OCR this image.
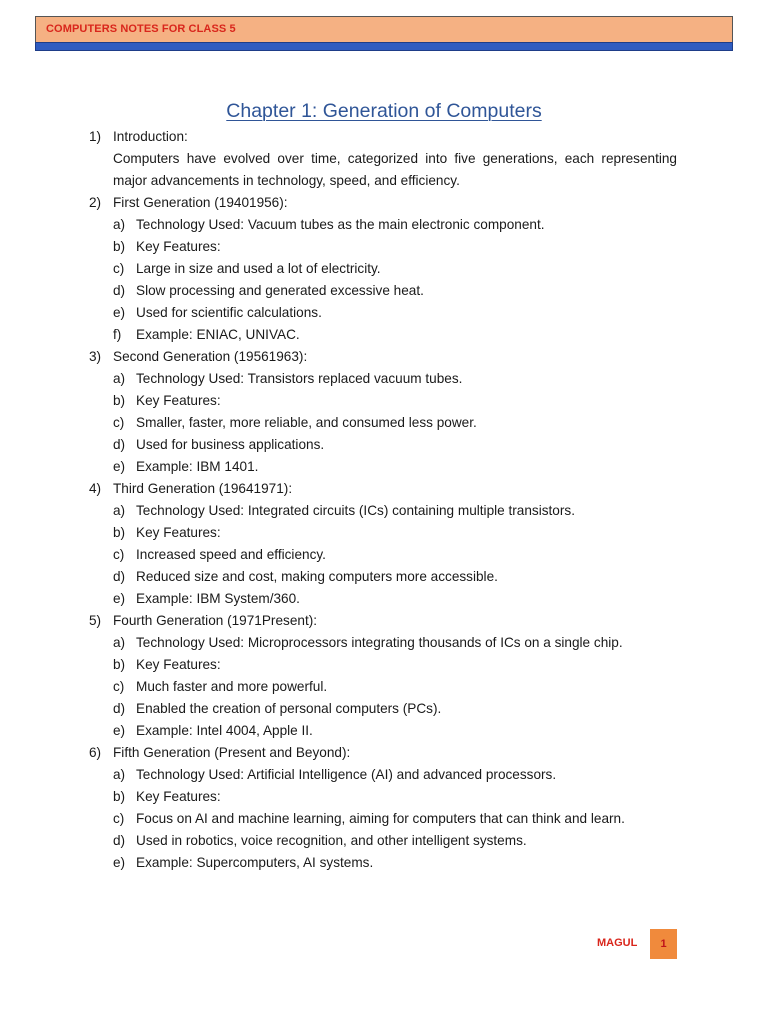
COMPUTERS NOTES FOR CLASS 5
Chapter 1: Generation of Computers
1) Introduction:
Computers have evolved over time, categorized into five generations, each representing major advancements in technology, speed, and efficiency.
2) First Generation (19401956):
a) Technology Used: Vacuum tubes as the main electronic component.
b) Key Features:
c) Large in size and used a lot of electricity.
d) Slow processing and generated excessive heat.
e) Used for scientific calculations.
f) Example: ENIAC, UNIVAC.
3) Second Generation (19561963):
a) Technology Used: Transistors replaced vacuum tubes.
b) Key Features:
c) Smaller, faster, more reliable, and consumed less power.
d) Used for business applications.
e) Example: IBM 1401.
4) Third Generation (19641971):
a) Technology Used: Integrated circuits (ICs) containing multiple transistors.
b) Key Features:
c) Increased speed and efficiency.
d) Reduced size and cost, making computers more accessible.
e) Example: IBM System/360.
5) Fourth Generation (1971Present):
a) Technology Used: Microprocessors integrating thousands of ICs on a single chip.
b) Key Features:
c) Much faster and more powerful.
d) Enabled the creation of personal computers (PCs).
e) Example: Intel 4004, Apple II.
6) Fifth Generation (Present and Beyond):
a) Technology Used: Artificial Intelligence (AI) and advanced processors.
b) Key Features:
c) Focus on AI and machine learning, aiming for computers that can think and learn.
d) Used in robotics, voice recognition, and other intelligent systems.
e) Example: Supercomputers, AI systems.
MAGUL	1
